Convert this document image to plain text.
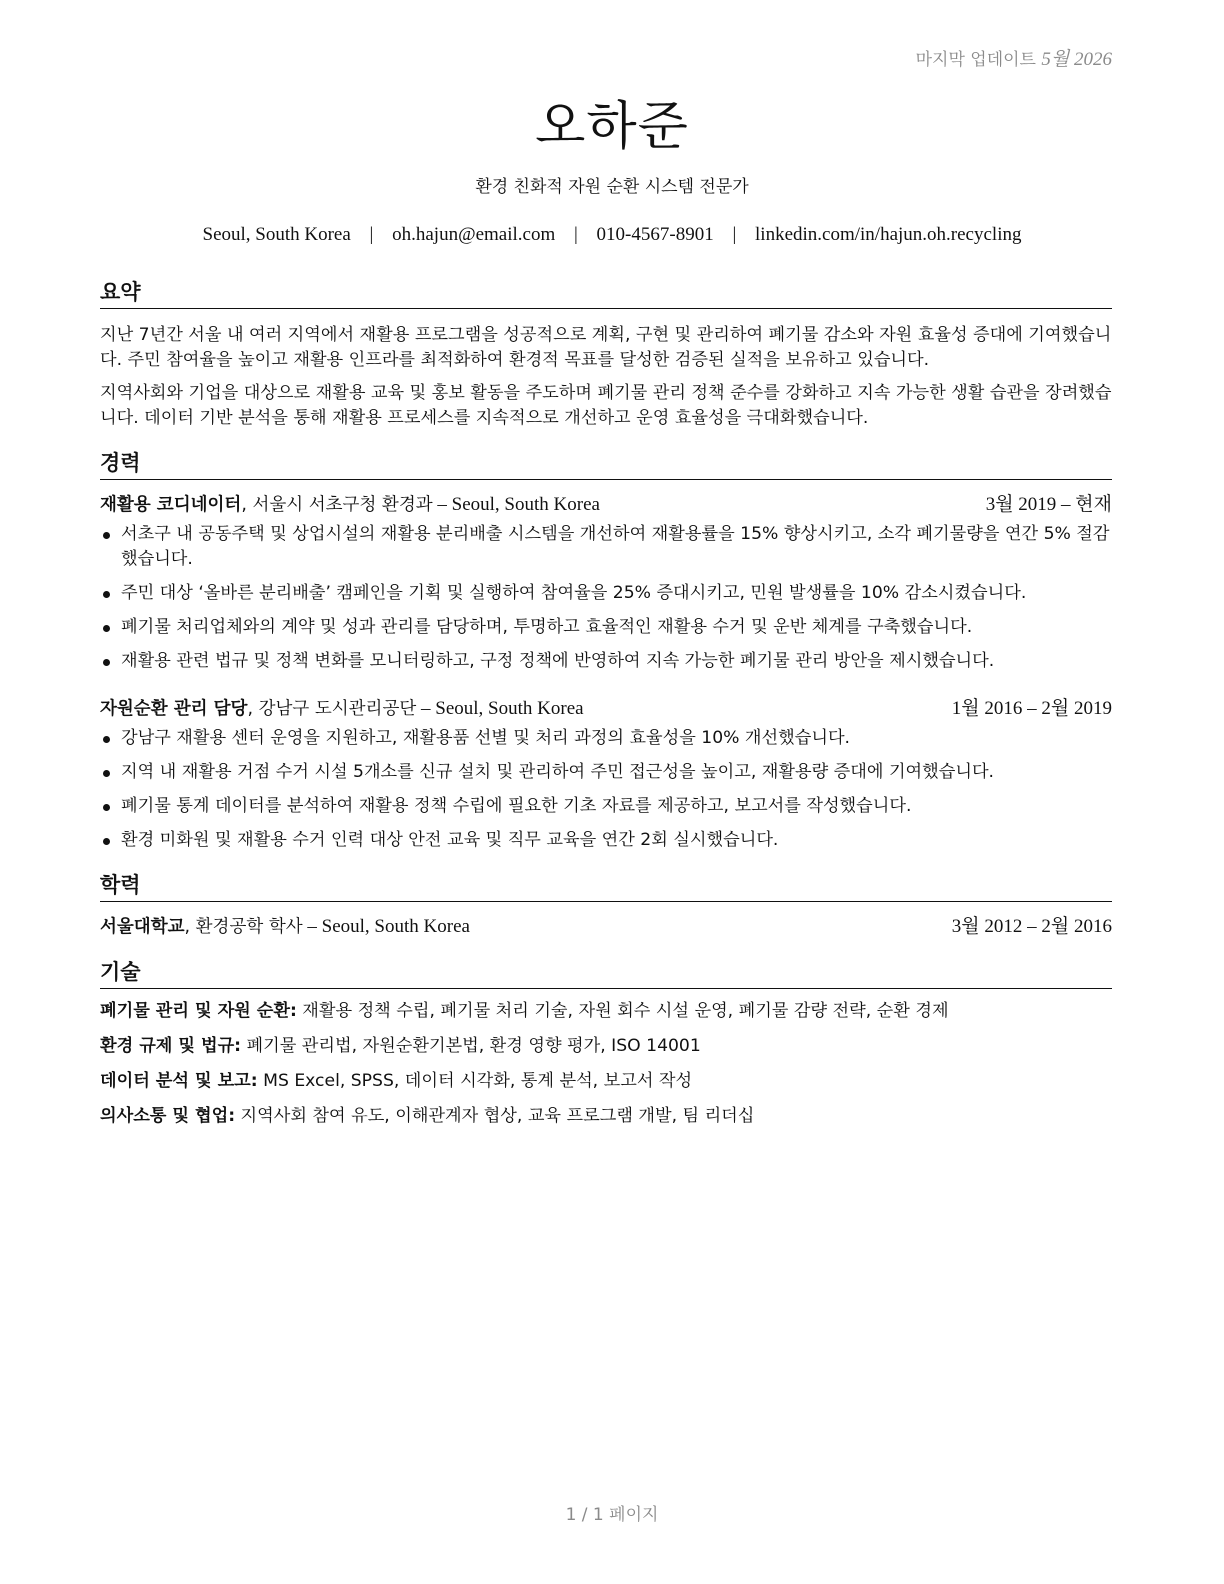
마지막 업데이트 5월 2026
오하준
환경 친화적 자원 순환 시스템 전문가
Seoul, South Korea | oh.hajun@email.com | 010-4567-8901 | linkedin.com/in/hajun.oh.recycling
요약

지난 7년간 서울 내 여러 지역에서 재활용 프로그램을 성공적으로 계획, 구현 및 관리하여 폐기물 감소와 자원 효율성 증대에 기여했습니다. 주민 참여율을 높이고 재활용 인프라를 최적화하여 환경적 목표를 달성한 검증된 실적을 보유하고 있습니다.

지역사회와 기업을 대상으로 재활용 교육 및 홍보 활동을 주도하며 폐기물 관리 정책 준수를 강화하고 지속 가능한 생활 습관을 장려했습니다. 데이터 기반 분석을 통해 재활용 프로세스를 지속적으로 개선하고 운영 효율성을 극대화했습니다.

경력
재활용 코디네이터, 서울시 서초구청 환경과 – Seoul, South Korea	3월 2019 – 현재
서초구 내 공동주택 및 상업시설의 재활용 분리배출 시스템을 개선하여 재활용률을 15% 향상시키고, 소각 폐기물량을 연간 5% 절감했습니다.
주민 대상 ‘올바른 분리배출’ 캠페인을 기획 및 실행하여 참여율을 25% 증대시키고, 민원 발생률을 10% 감소시켰습니다.
폐기물 처리업체와의 계약 및 성과 관리를 담당하며, 투명하고 효율적인 재활용 수거 및 운반 체계를 구축했습니다.
재활용 관련 법규 및 정책 변화를 모니터링하고, 구정 정책에 반영하여 지속 가능한 폐기물 관리 방안을 제시했습니다.
자원순환 관리 담당, 강남구 도시관리공단 – Seoul, South Korea	1월 2016 – 2월 2019
강남구 재활용 센터 운영을 지원하고, 재활용품 선별 및 처리 과정의 효율성을 10% 개선했습니다.
지역 내 재활용 거점 수거 시설 5개소를 신규 설치 및 관리하여 주민 접근성을 높이고, 재활용량 증대에 기여했습니다.
폐기물 통계 데이터를 분석하여 재활용 정책 수립에 필요한 기초 자료를 제공하고, 보고서를 작성했습니다.
환경 미화원 및 재활용 수거 인력 대상 안전 교육 및 직무 교육을 연간 2회 실시했습니다.
학력
서울대학교, 환경공학 학사 – Seoul, South Korea	3월 2012 – 2월 2016
기술
폐기물 관리 및 자원 순환: 재활용 정책 수립, 폐기물 처리 기술, 자원 회수 시설 운영, 폐기물 감량 전략, 순환 경제
환경 규제 및 법규: 폐기물 관리법, 자원순환기본법, 환경 영향 평가, ISO 14001
데이터 분석 및 보고: MS Excel, SPSS, 데이터 시각화, 통계 분석, 보고서 작성
의사소통 및 협업: 지역사회 참여 유도, 이해관계자 협상, 교육 프로그램 개발, 팀 리더십
1 / 1 페이지
